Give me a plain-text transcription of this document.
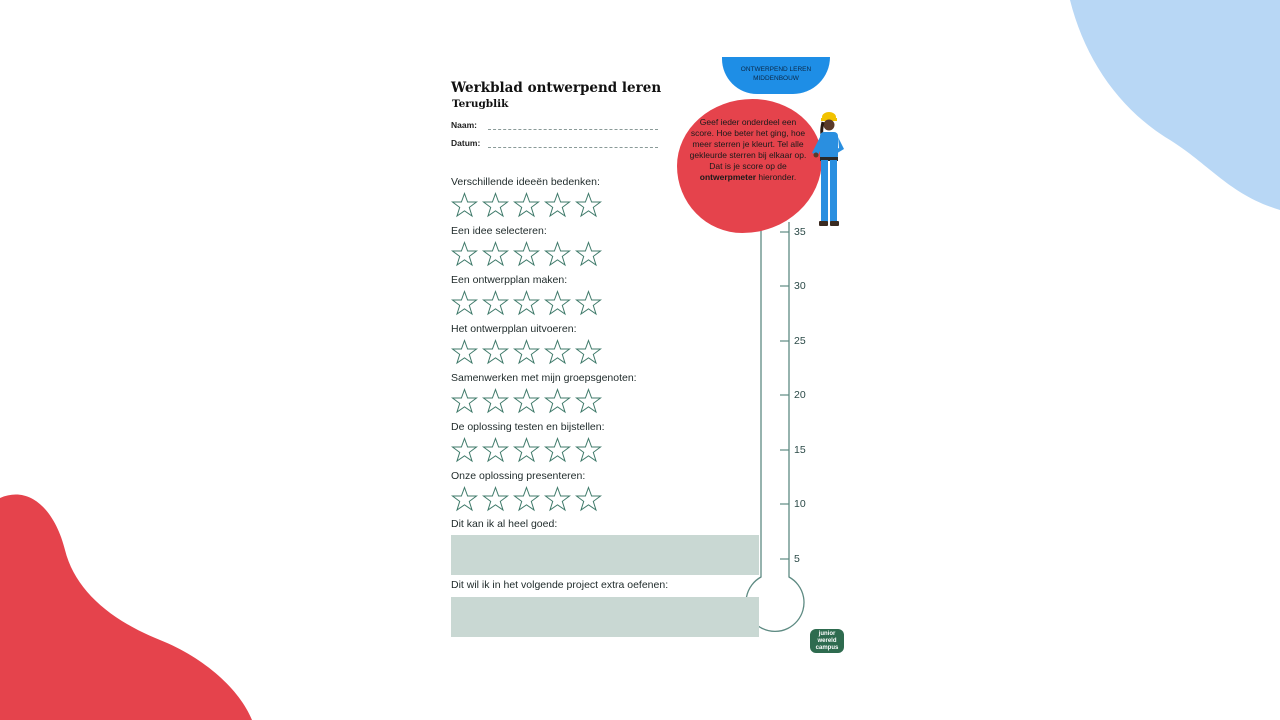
Werkblad ontwerpend leren
Terugblik
Naam:
Datum:
ONTWERPEND LEREN
MIDDENBOUW
35
30
25
20
15
10
5
Geef ieder onderdeel een score. Hoe beter het ging, hoe meer sterren je kleurt. Tel alle gekleurde sterren bij elkaar op. Dat is je score op de ontwerpmeter hieronder.
Verschillende ideeën bedenken:
Een idee selecteren:
Een ontwerpplan maken:
Het ontwerpplan uitvoeren:
Samenwerken met mijn groepsgenoten:
De oplossing testen en bijstellen:
Onze oplossing presenteren:
Dit kan ik al heel goed:
Dit wil ik in het volgende project extra oefenen:
junior
wereld
campus
